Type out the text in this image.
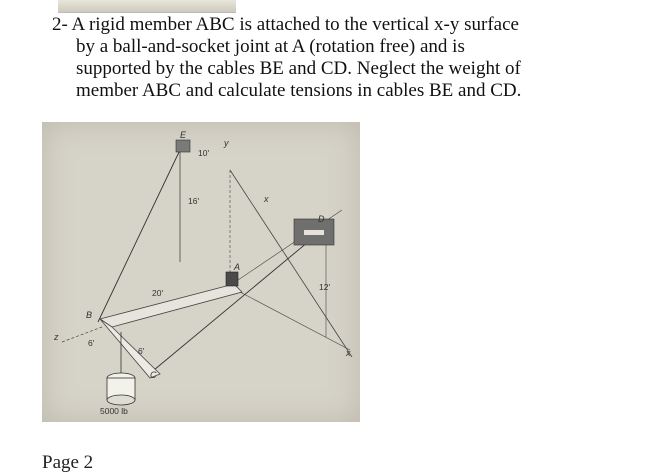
2- A rigid member ABC is attached to the vertical x-y surface
by a ball-and-socket joint at A (rotation free) and is
supported by the cables BE and CD. Neglect the weight of
member ABC and calculate tensions in cables BE and CD.
E
y
x
D
A
B
C
z
x
10'
16'
12'
20'
6'
6'
5000 lb
Page 2
